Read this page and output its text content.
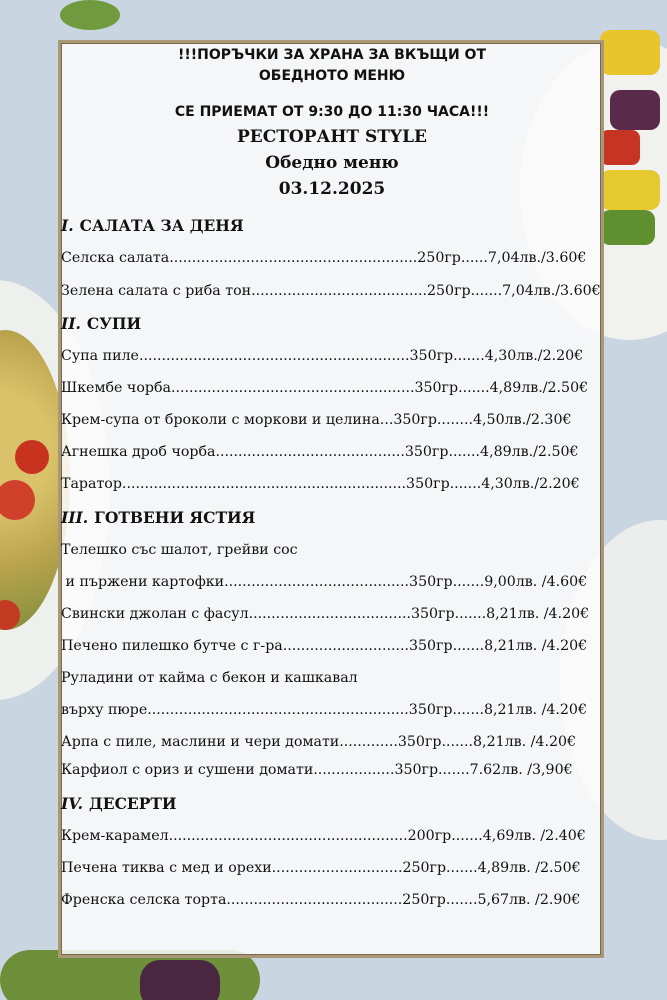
!!!ПОРЪЧКИ ЗА ХРАНА ЗА ВКЪЩИ ОТ
ОБЕДНОТО МЕНЮ
СЕ ПРИЕМАТ ОТ 9:30 ДО 11:30 ЧАСА!!!
РЕСТОРАНТ STYLE
Обедно меню
03.12.2025
I. САЛАТА ЗА ДЕНЯ
Селска салата.......................................................250гр......7,04лв./3.60€
Зелена салата с риба тон.......................................250гр.......7,04лв./3.60€
II. СУПИ
Супа пиле............................................................350гр.......4,30лв./2.20€
Шкембе чорба......................................................350гр.......4,89лв./2.50€
Крем-супа от броколи с моркови и целина...350гр........4,50лв./2.30€
Агнешка дроб чорба..........................................350гр.......4,89лв./2.50€
Таратор...............................................................350гр.......4,30лв./2.20€
III. ГОТВЕНИ ЯСТИЯ
Телешко със шалот, грейви сос
и пържени картофки.........................................350гр.......9,00лв. /4.60€
Свински джолан с фасул....................................350гр.......8,21лв. /4.20€
Печено пилешко бутче с г-ра............................350гр.......8,21лв. /4.20€
Руладини от кайма с бекон и кашкавал
върху пюре..........................................................350гр.......8,21лв. /4.20€
Арпа с пиле, маслини и чери домати.............350гр.......8,21лв. /4.20€
Карфиол с ориз и сушени домати..................350гр.......7.62лв. /3,90€
IV. ДЕСЕРТИ
Крем-карамел.....................................................200гр.......4,69лв. /2.40€
Печена тиква с мед и орехи.............................250гр.......4,89лв. /2.50€
Френска селска торта.......................................250гр.......5,67лв. /2.90€
